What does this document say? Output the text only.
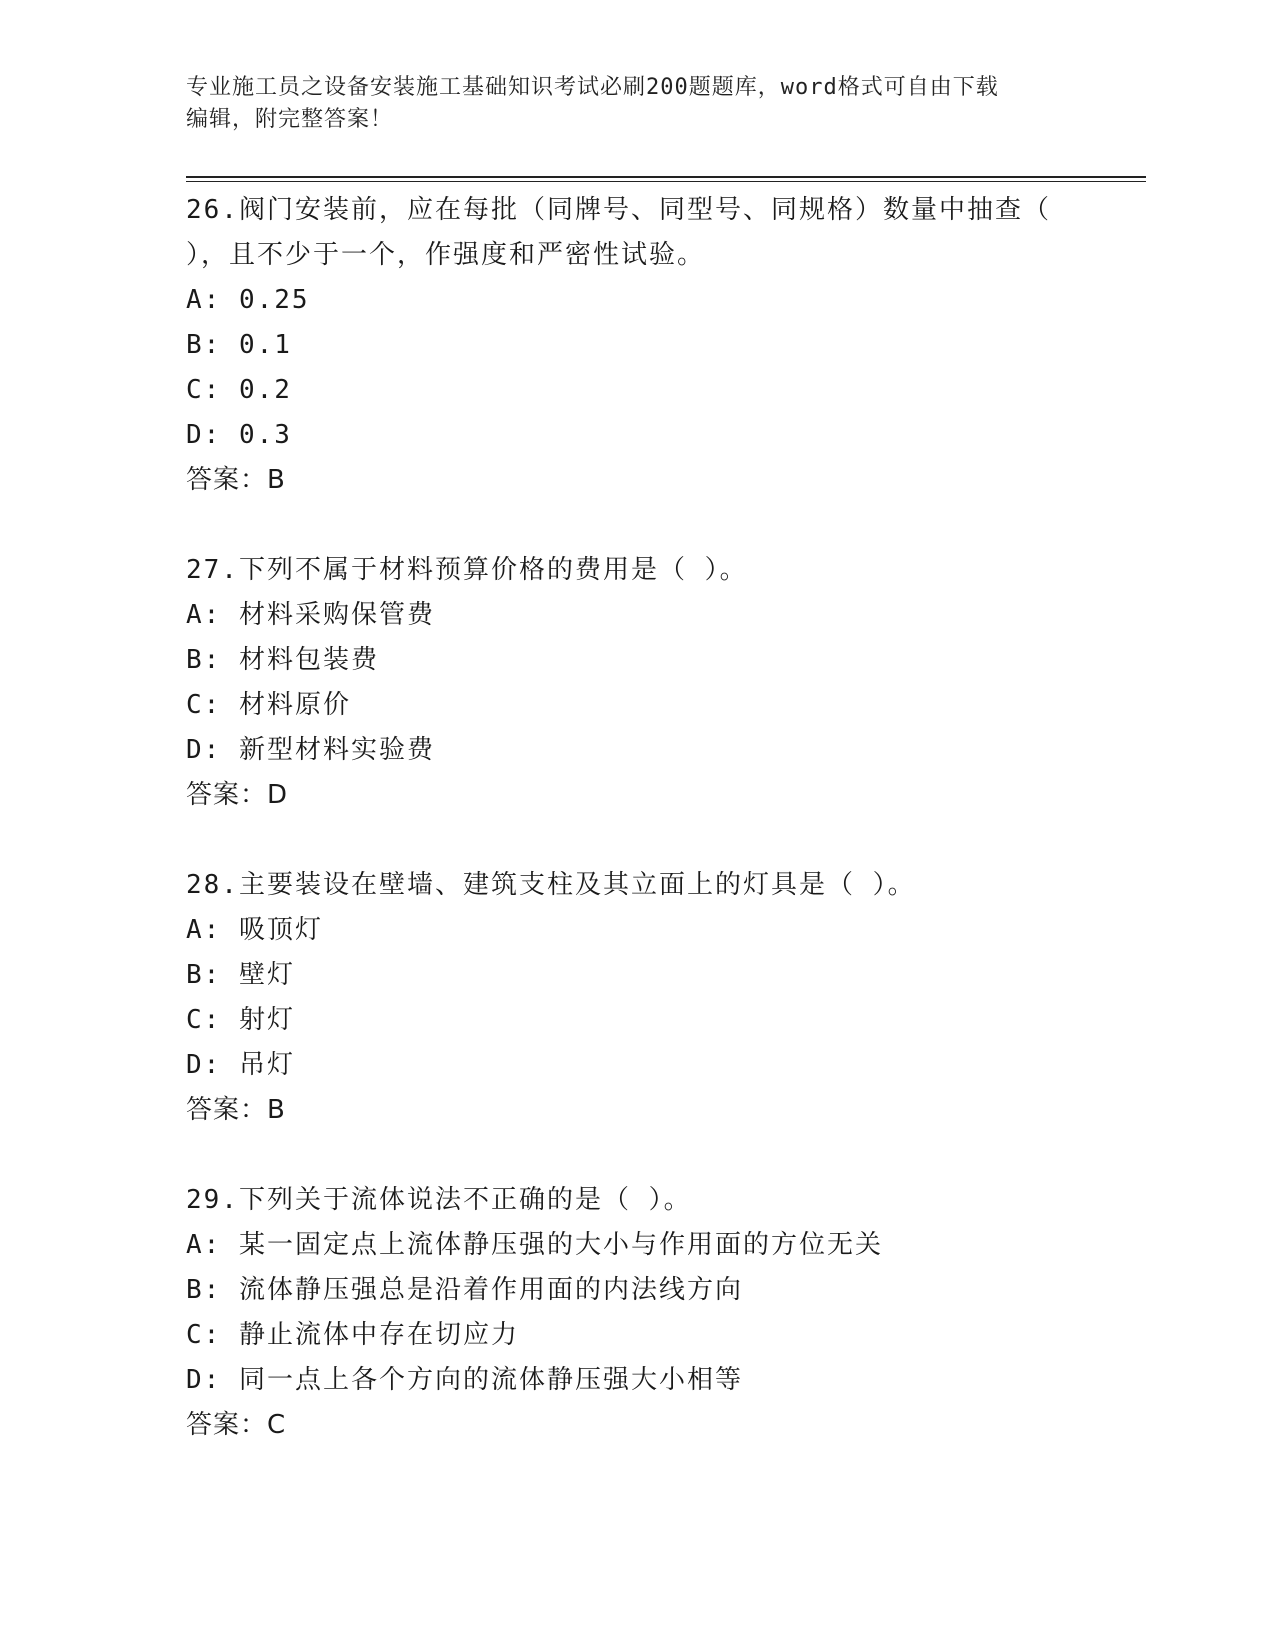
专业施工员之设备安装施工基础知识考试必刷200题题库，word格式可自由下载
编辑，附完整答案！
26.阀门安装前，应在每批（同牌号、同型号、同规格）数量中抽查（
），且不少于一个，作强度和严密性试验。
A: 0.25
B: 0.1
C: 0.2
D: 0.3
答案：B
27.下列不属于材料预算价格的费用是（ ）。
A: 材料采购保管费
B: 材料包装费
C: 材料原价
D: 新型材料实验费
答案：D
28.主要装设在壁墙、建筑支柱及其立面上的灯具是（ ）。
A: 吸顶灯
B: 壁灯
C: 射灯
D: 吊灯
答案：B
29.下列关于流体说法不正确的是（ ）。
A: 某一固定点上流体静压强的大小与作用面的方位无关
B: 流体静压强总是沿着作用面的内法线方向
C: 静止流体中存在切应力
D: 同一点上各个方向的流体静压强大小相等
答案：C
